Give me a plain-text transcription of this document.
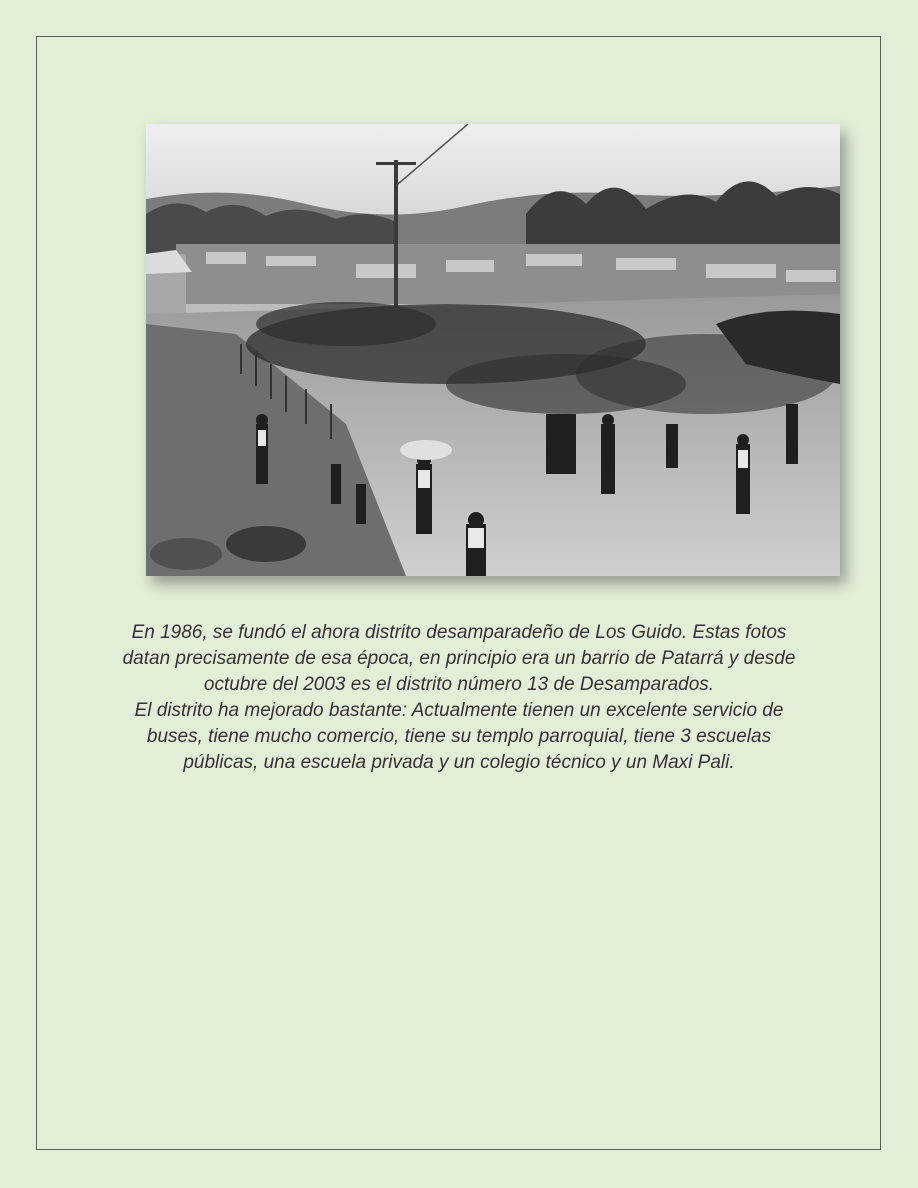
En 1986, se fundó el ahora distrito desamparadeño de Los Guido. Estas fotos datan precisamente de esa época, en principio era un barrio de Patarrá y desde octubre del 2003 es el distrito número 13 de Desamparados.

El distrito ha mejorado bastante: Actualmente tienen un excelente servicio de buses, tiene mucho comercio, tiene su templo parroquial, tiene 3 escuelas públicas, una escuela privada y un colegio técnico y un Maxi Pali.
